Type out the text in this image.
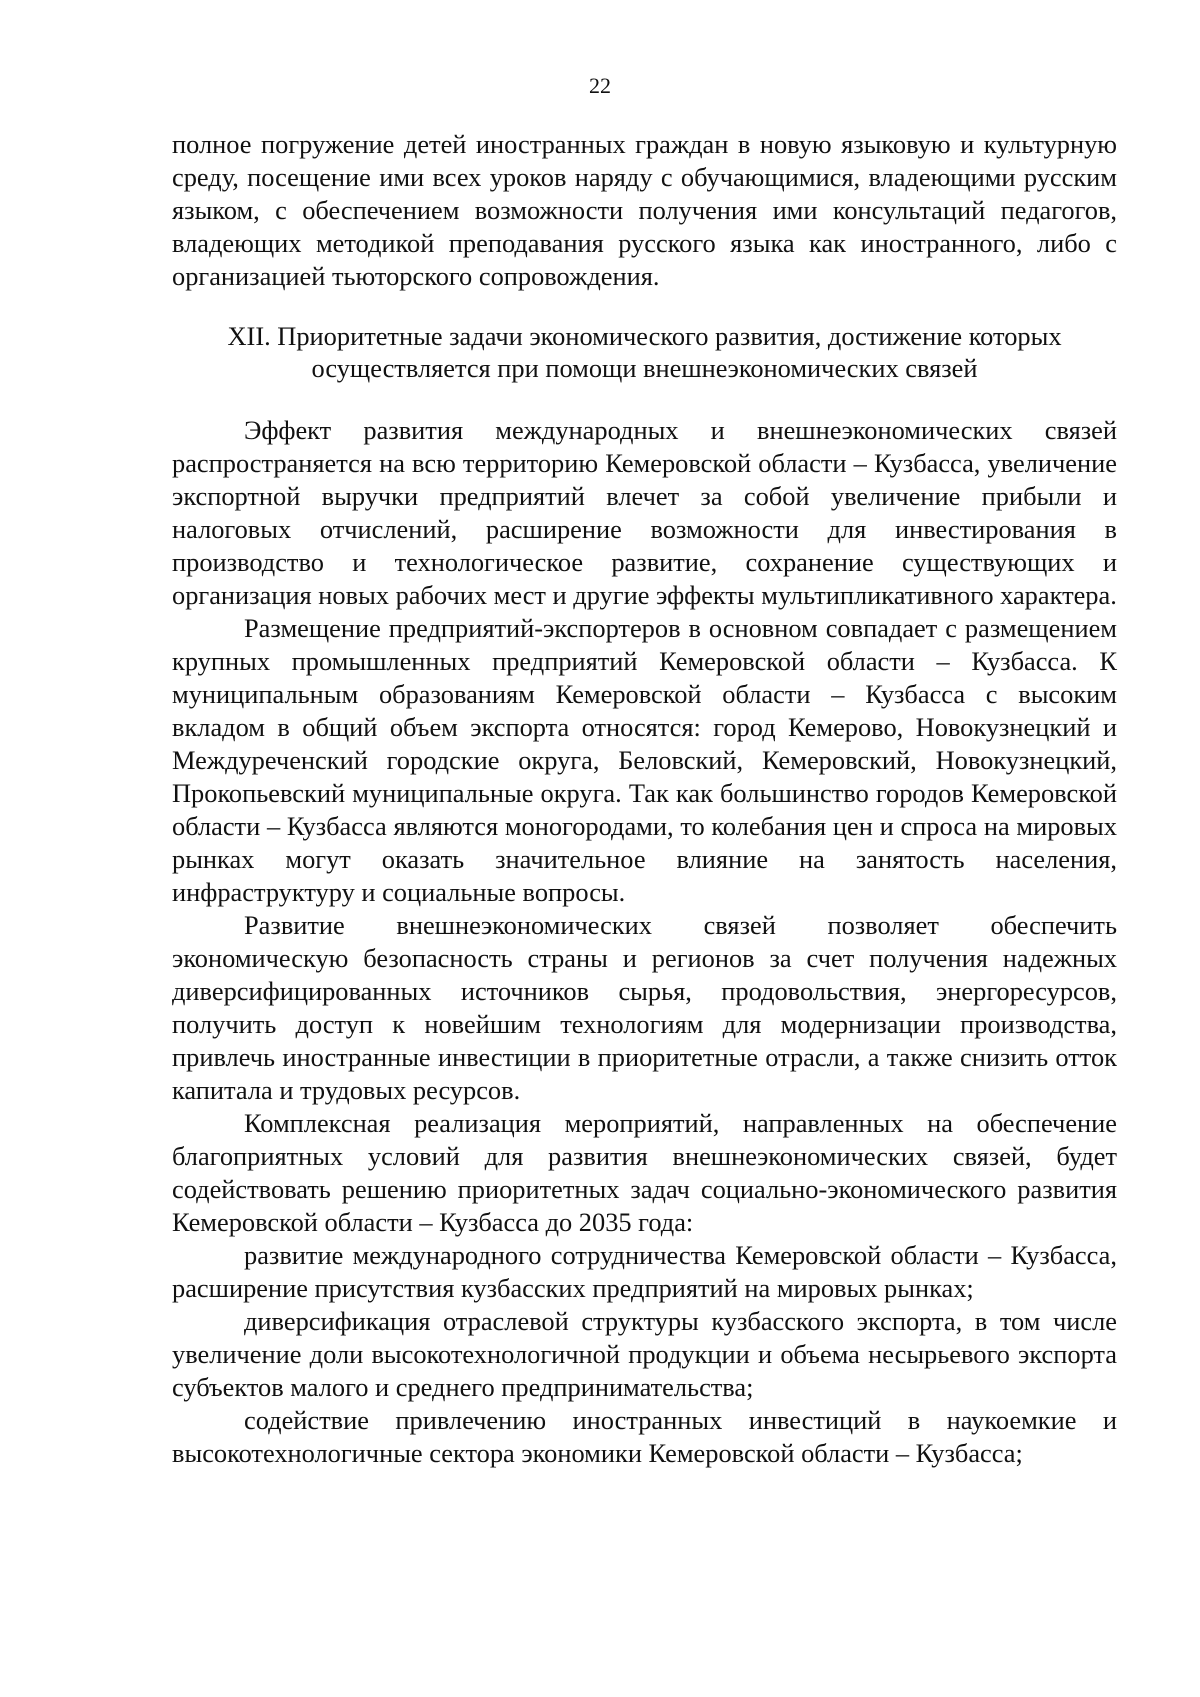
22

полное погружение детей иностранных граждан в новую языковую и культурную среду, посещение ими всех уроков наряду с обучающимися, владеющими русским языком, с обеспечением возможности получения ими консультаций педагогов, владеющих методикой преподавания русского языка как иностранного, либо с организацией тьюторского сопровождения.

XII. Приоритетные задачи экономического развития, достижение которых
осуществляется при помощи внешнеэкономических связей

Эффект развития международных и внешнеэкономических связей распространяется на всю территорию Кемеровской области – Кузбасса, увеличение экспортной выручки предприятий влечет за собой увеличение прибыли и налоговых отчислений, расширение возможности для инвестирования в производство и технологическое развитие, сохранение существующих и организация новых рабочих мест и другие эффекты мультипликативного характера.

Размещение предприятий-экспортеров в основном совпадает с размещением крупных промышленных предприятий Кемеровской области – Кузбасса. К муниципальным образованиям Кемеровской области – Кузбасса с высоким вкладом в общий объем экспорта относятся: город Кемерово, Новокузнецкий и Междуреченский городские округа, Беловский, Кемеровский, Новокузнецкий, Прокопьевский муниципальные округа. Так как большинство городов Кемеровской области – Кузбасса являются моногородами, то колебания цен и спроса на мировых рынках могут оказать значительное влияние на занятость населения, инфраструктуру и социальные вопросы.

Развитие внешнеэкономических связей позволяет обеспечить экономическую безопасность страны и регионов за счет получения надежных диверсифицированных источников сырья, продовольствия, энергоресурсов, получить доступ к новейшим технологиям для модернизации производства, привлечь иностранные инвестиции в приоритетные отрасли, а также снизить отток капитала и трудовых ресурсов.

Комплексная реализация мероприятий, направленных на обеспечение благоприятных условий для развития внешнеэкономических связей, будет содействовать решению приоритетных задач социально-экономического развития Кемеровской области – Кузбасса до 2035 года:

развитие международного сотрудничества Кемеровской области – Кузбасса, расширение присутствия кузбасских предприятий на мировых рынках;

диверсификация отраслевой структуры кузбасского экспорта, в том числе увеличение доли высокотехнологичной продукции и объема несырьевого экспорта субъектов малого и среднего предпринимательства;

содействие привлечению иностранных инвестиций в наукоемкие и высокотехнологичные сектора экономики Кемеровской области – Кузбасса;
